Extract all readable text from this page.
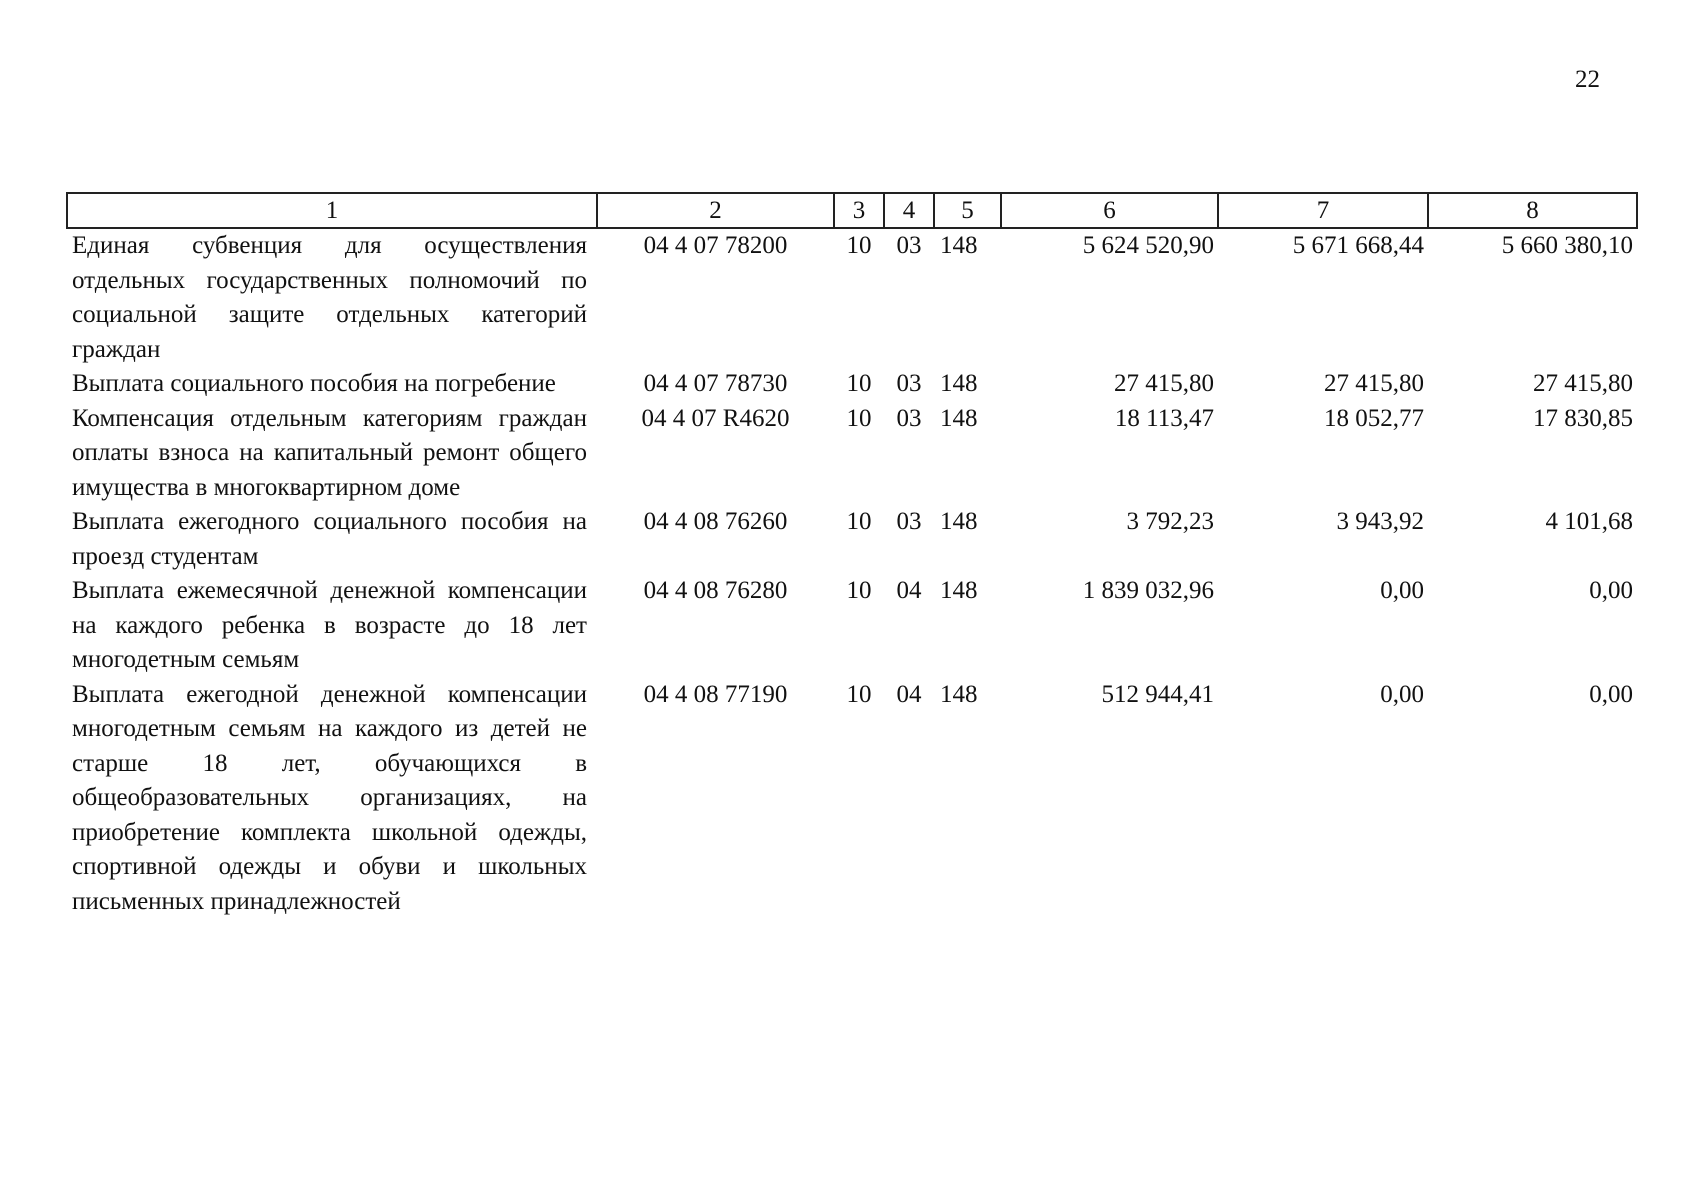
22
1	2	3	4	5	6	7	8
Единая субвенция для осуществления отдельных государственных полномочий по социальной защите отдельных категорий граждан	04 4 07 78200	10	03	148	5 624 520,90	5 671 668,44	5 660 380,10
Выплата социального пособия на погребение	04 4 07 78730	10	03	148	27 415,80	27 415,80	27 415,80
Компенсация отдельным категориям граждан оплаты взноса на капитальный ремонт общего имущества в многоквартирном доме	04 4 07 R4620	10	03	148	18 113,47	18 052,77	17 830,85
Выплата ежегодного социального пособия на проезд студентам	04 4 08 76260	10	03	148	3 792,23	3 943,92	4 101,68
Выплата ежемесячной денежной компенсации на каждого ребенка в возрасте до 18 лет многодетным семьям	04 4 08 76280	10	04	148	1 839 032,96	0,00	0,00
Выплата ежегодной денежной компенсации многодетным семьям на каждого из детей не старше 18 лет, обучающихся в общеобразовательных организациях, на приобретение комплекта школьной одежды, спортивной одежды и обуви и школьных письменных принадлежностей	04 4 08 77190	10	04	148	512 944,41	0,00	0,00
